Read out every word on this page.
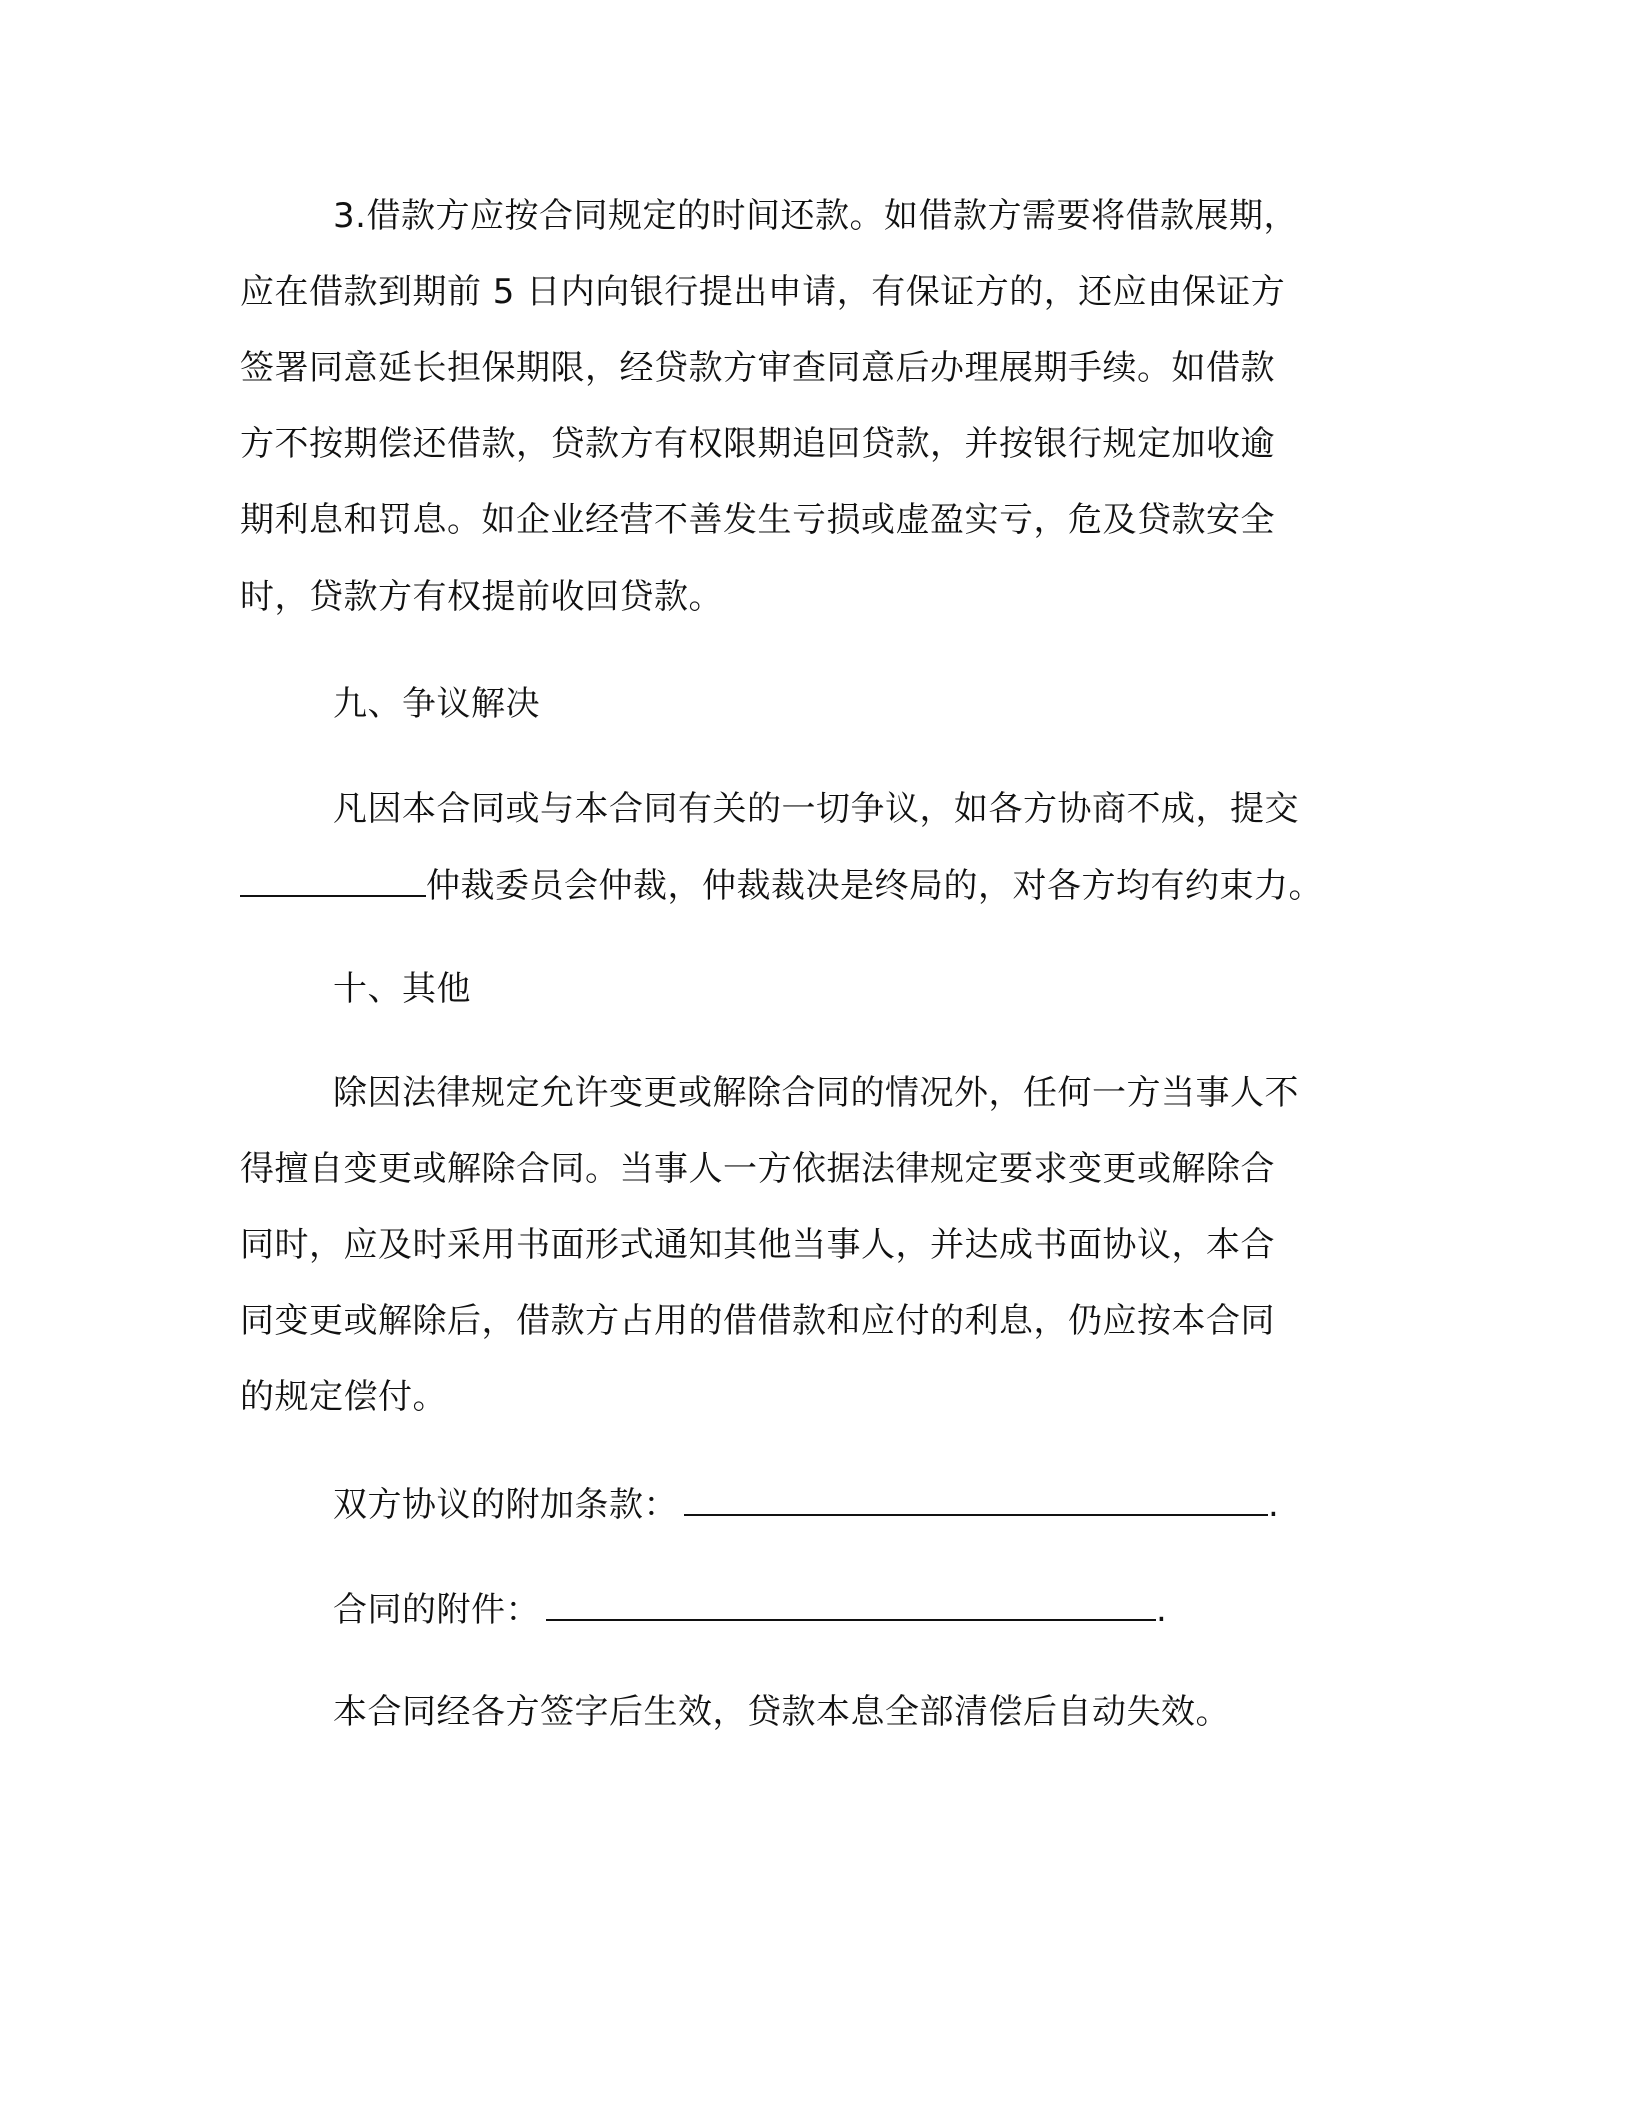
3.借款方应按合同规定的时间还款。如借款方需要将借款展期，
应在借款到期前 5 日内向银行提出申请，有保证方的，还应由保证方
签署同意延长担保期限，经贷款方审查同意后办理展期手续。如借款
方不按期偿还借款，贷款方有权限期追回贷款，并按银行规定加收逾
期利息和罚息。如企业经营不善发生亏损或虚盈实亏，危及贷款安全
时，贷款方有权提前收回贷款。
九、争议解决
凡因本合同或与本合同有关的一切争议，如各方协商不成，提交
仲裁委员会仲裁，仲裁裁决是终局的，对各方均有约束力。
十、其他
除因法律规定允许变更或解除合同的情况外，任何一方当事人不
得擅自变更或解除合同。当事人一方依据法律规定要求变更或解除合
同时，应及时采用书面形式通知其他当事人，并达成书面协议，本合
同变更或解除后，借款方占用的借借款和应付的利息，仍应按本合同
的规定偿付。
双方协议的附加条款：	.
合同的附件：	.
本合同经各方签字后生效，贷款本息全部清偿后自动失效。
